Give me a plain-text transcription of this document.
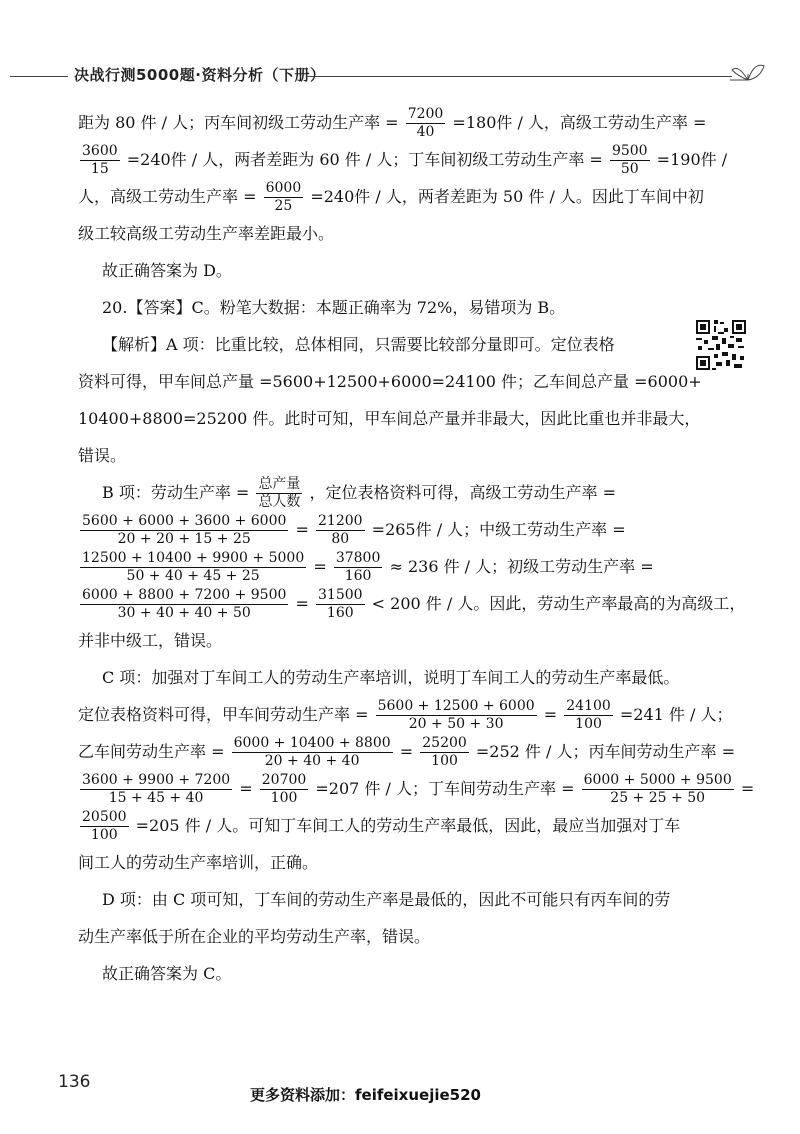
决战行测5000题·资料分析（下册）
距为 80 件 / 人；丙车间初级工劳动生产率 = $\frac{7200}{40} =180$件 / 人，高级工劳动生产率 =
$\frac{3600}{15} =240$件 / 人，两者差距为 60 件 / 人；丁车间初级工劳动生产率 = $\frac{9500}{50} =190$件 /
人，高级工劳动生产率 = $\frac{6000}{25} =240$件 / 人，两者差距为 50 件 / 人。因此丁车间中初
级工较高级工劳动生产率差距最小。
故正确答案为 D。
20.【答案】C。粉笔大数据：本题正确率为 72%，易错项为 B。
【解析】A 项：比重比较，总体相同，只需要比较部分量即可。定位表格
资料可得，甲车间总产量 =5600+12500+6000=24100 件；乙车间总产量 =6000+
10400+8800=25200 件。此时可知，甲车间总产量并非最大，因此比重也并非最大，
错误。
B 项：劳动生产率 = $\frac{\text{总产量}}{\text{总人数}}$ ，定位表格资料可得，高级工劳动生产率 =
$\frac{5600 + 6000 + 3600 + 6000}{20 + 20 + 15 + 25} = \frac{21200}{80} =265$件 / 人；中级工劳动生产率 =
$\frac{12500 + 10400 + 9900 + 5000}{50 + 40 + 45 + 25} = \frac{37800}{160} \approx 236$ 件 / 人；初级工劳动生产率 =
$\frac{6000 + 8800 + 7200 + 9500}{30 + 40 + 40 + 50} = \frac{31500}{160} < 200$ 件 / 人。因此，劳动生产率最高的为高级工，
并非中级工，错误。
C 项：加强对丁车间工人的劳动生产率培训，说明丁车间工人的劳动生产率最低。
定位表格资料可得，甲车间劳动生产率 = $\frac{5600 + 12500 + 6000}{20 + 50 + 30} = \frac{24100}{100} =241$ 件 / 人；
乙车间劳动生产率 = $\frac{6000 + 10400 + 8800}{20 + 40 + 40} = \frac{25200}{100} =252$ 件 / 人；丙车间劳动生产率 =
$\frac{3600 + 9900 + 7200}{15 + 45 + 40} = \frac{20700}{100} =207$ 件 / 人；丁车间劳动生产率 = $\frac{6000 + 5000 + 9500}{25 + 25 + 50}$ =
$\frac{20500}{100} =205$ 件 / 人。可知丁车间工人的劳动生产率最低，因此，最应当加强对丁车
间工人的劳动生产率培训，正确。
D 项：由 C 项可知，丁车间的劳动生产率是最低的，因此不可能只有丙车间的劳
动生产率低于所在企业的平均劳动生产率，错误。
故正确答案为 C。
136
更多资料添加：feifeixuejie520
